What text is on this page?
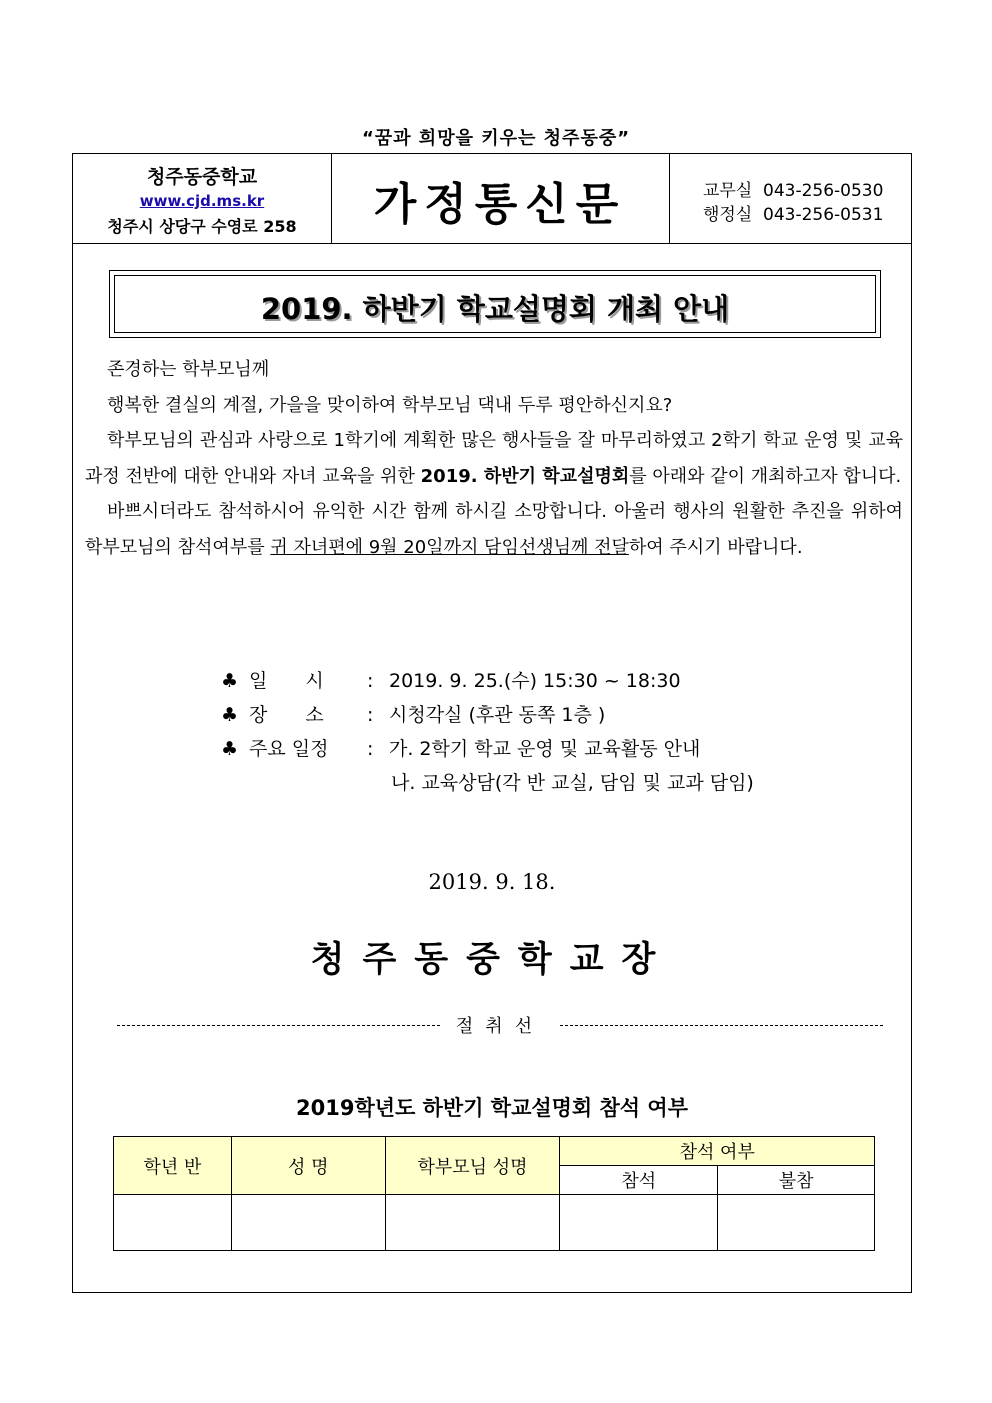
“꿈과 희망을 키우는 청주동중”
청주동중학교
www.cjd.ms.kr
청주시 상당구 수영로 258	가정통신문	교무실 043-256-0530
행정실 043-256-0531
2019. 하반기 학교설명회 개최 안내

존경하는 학부모님께

행복한 결실의 계절, 가을을 맞이하여 학부모님 댁내 두루 평안하신지요?

학부모님의 관심과 사랑으로 1학기에 계획한 많은 행사들을 잘 마무리하였고 2학기 학교 운영 및 교육과정 전반에 대한 안내와 자녀 교육을 위한 2019. 하반기 학교설명회를 아래와 같이 개최하고자 합니다.

바쁘시더라도 참석하시어 유익한 시간 함께 하시길 소망합니다. 아울러 행사의 원활한 추진을 위하여 학부모님의 참석여부를 귀 자녀편에 9월 20일까지 담임선생님께 전달하여 주시기 바랍니다.

♣ 일　　시 : 2019. 9. 25.(수) 15:30 ~ 18:30
♣ 장　　소 : 시청각실 (후관 동쪽 1층 )
♣ 주요 일정 : 가. 2학기 학교 운영 및 교육활동 안내
나. 교육상담(각 반 교실, 담임 및 교과 담임)
2019. 9. 18.
청주동중학교장
절취선
2019학년도 하반기 학교설명회 참석 여부
학년 반	성 명	학부모님 성명	참석 여부	
			참석	불참
